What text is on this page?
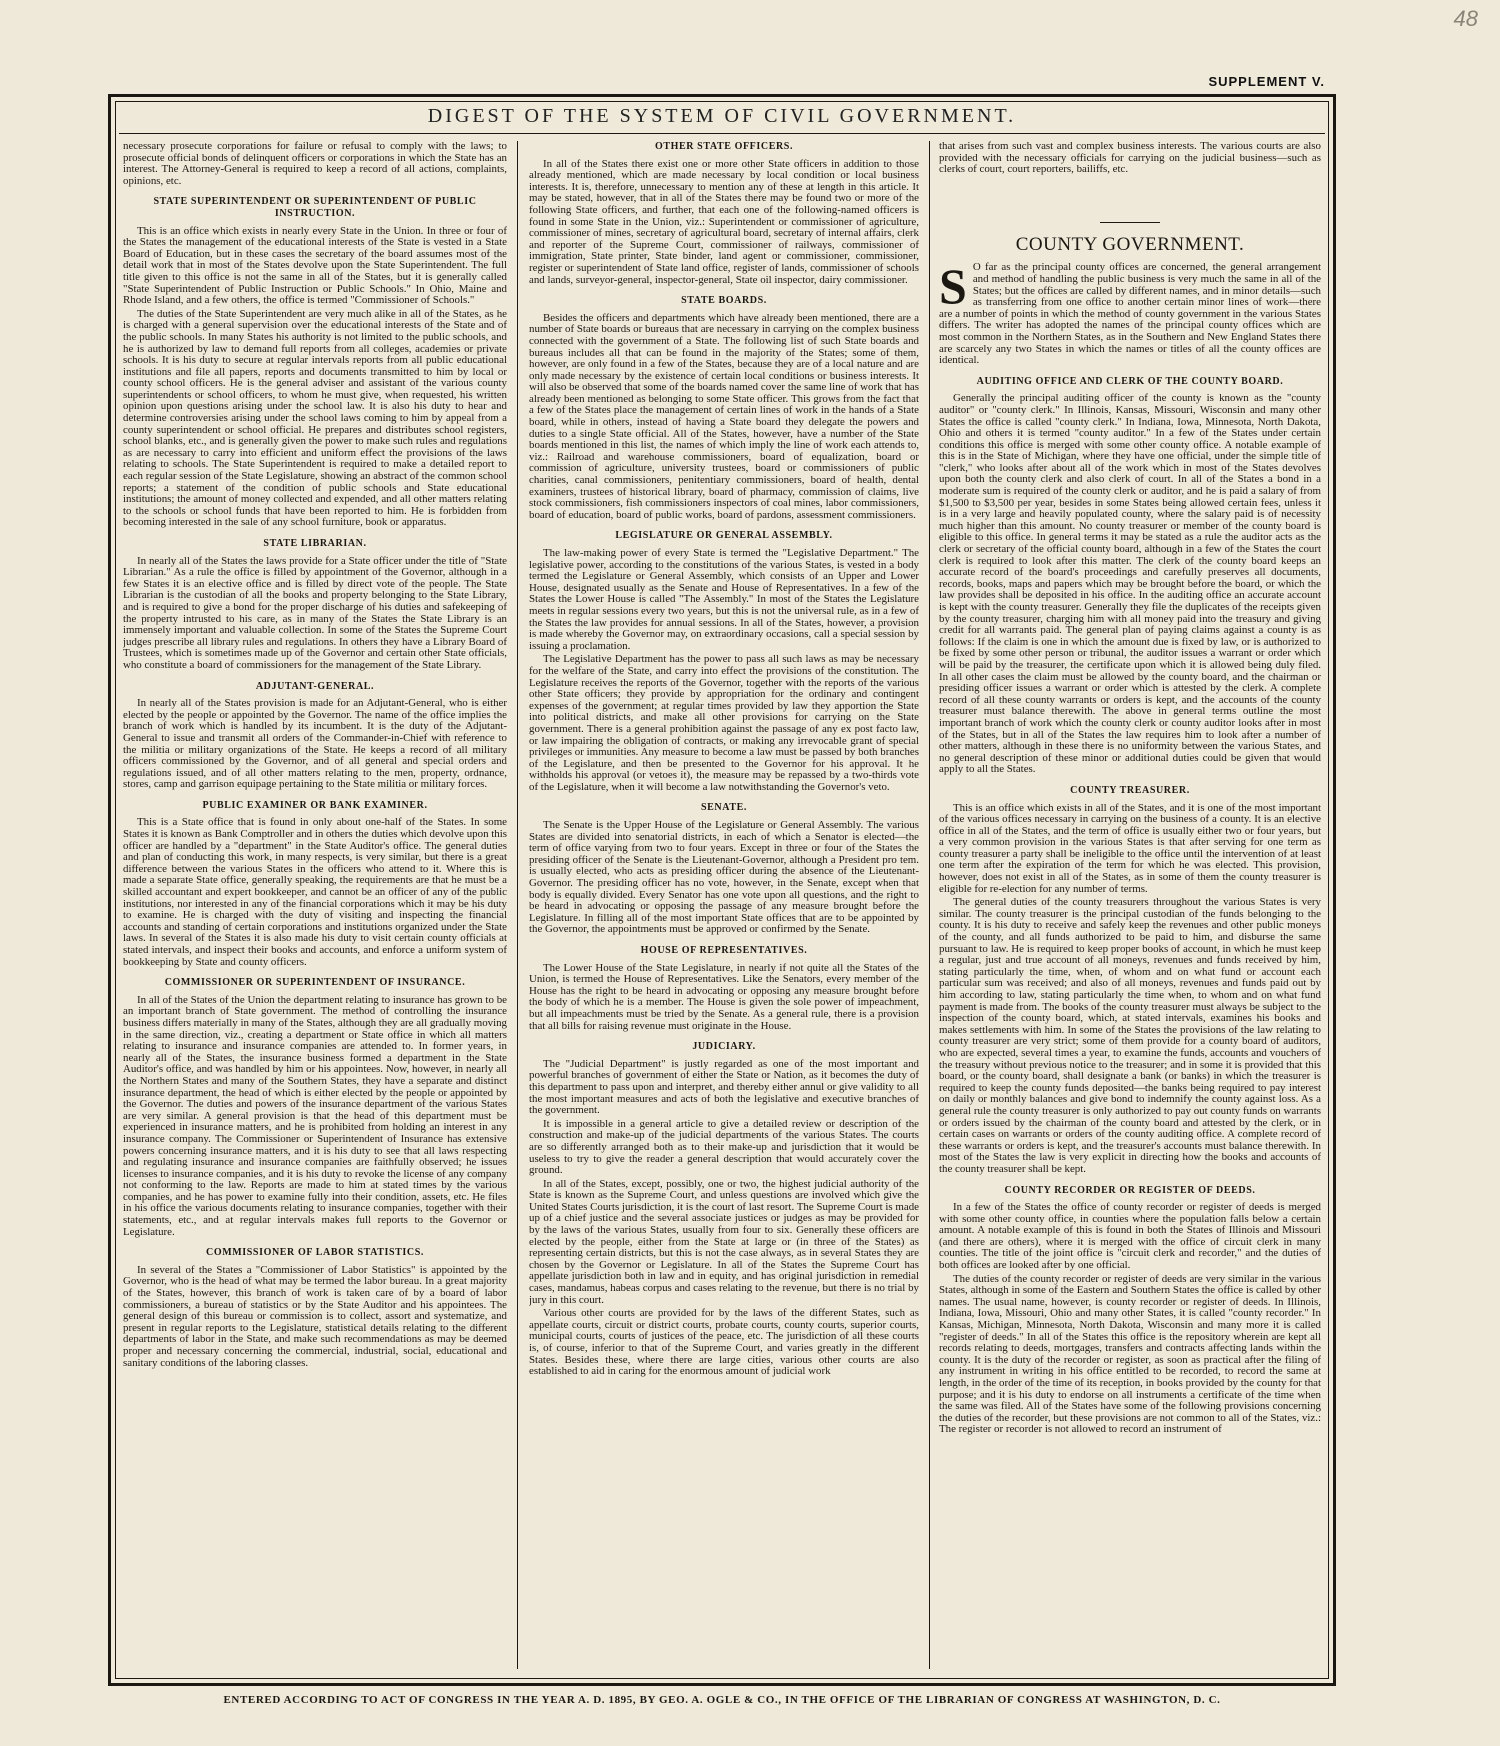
48
SUPPLEMENT V.
DIGEST OF THE SYSTEM OF CIVIL GOVERNMENT.

necessary prosecute corporations for failure or refusal to comply with the laws; to prosecute official bonds of delinquent officers or corporations in which the State has an interest. The Attorney-General is required to keep a record of all actions, complaints, opinions, etc.

STATE SUPERINTENDENT OR SUPERINTENDENT OF PUBLIC INSTRUCTION.

This is an office which exists in nearly every State in the Union. In three or four of the States the management of the educational interests of the State is vested in a State Board of Education, but in these cases the secretary of the board assumes most of the detail work that in most of the States devolve upon the State Superintendent. The full title given to this office is not the same in all of the States, but it is generally called "State Superintendent of Public Instruction or Public Schools." In Ohio, Maine and Rhode Island, and a few others, the office is termed "Commissioner of Schools."

The duties of the State Superintendent are very much alike in all of the States, as he is charged with a general supervision over the educational interests of the State and of the public schools. In many States his authority is not limited to the public schools, and he is authorized by law to demand full reports from all colleges, academies or private schools. It is his duty to secure at regular intervals reports from all public educational institutions and file all papers, reports and documents transmitted to him by local or county school officers. He is the general adviser and assistant of the various county superintendents or school officers, to whom he must give, when requested, his written opinion upon questions arising under the school law. It is also his duty to hear and determine controversies arising under the school laws coming to him by appeal from a county superintendent or school official. He prepares and distributes school registers, school blanks, etc., and is generally given the power to make such rules and regulations as are necessary to carry into efficient and uniform effect the provisions of the laws relating to schools. The State Superintendent is required to make a detailed report to each regular session of the State Legislature, showing an abstract of the common school reports; a statement of the condition of public schools and State educational institutions; the amount of money collected and expended, and all other matters relating to the schools or school funds that have been reported to him. He is forbidden from becoming interested in the sale of any school furniture, book or apparatus.

STATE LIBRARIAN.

In nearly all of the States the laws provide for a State officer under the title of "State Librarian." As a rule the office is filled by appointment of the Governor, although in a few States it is an elective office and is filled by direct vote of the people. The State Librarian is the custodian of all the books and property belonging to the State Library, and is required to give a bond for the proper discharge of his duties and safekeeping of the property intrusted to his care, as in many of the States the State Library is an immensely important and valuable collection. In some of the States the Supreme Court judges prescribe all library rules and regulations. In others they have a Library Board of Trustees, which is sometimes made up of the Governor and certain other State officials, who constitute a board of commissioners for the management of the State Library.

ADJUTANT-GENERAL.

In nearly all of the States provision is made for an Adjutant-General, who is either elected by the people or appointed by the Governor. The name of the office implies the branch of work which is handled by its incumbent. It is the duty of the Adjutant-General to issue and transmit all orders of the Commander-in-Chief with reference to the militia or military organizations of the State. He keeps a record of all military officers commissioned by the Governor, and of all general and special orders and regulations issued, and of all other matters relating to the men, property, ordnance, stores, camp and garrison equipage pertaining to the State militia or military forces.

PUBLIC EXAMINER OR BANK EXAMINER.

This is a State office that is found in only about one-half of the States. In some States it is known as Bank Comptroller and in others the duties which devolve upon this officer are handled by a "department" in the State Auditor's office. The general duties and plan of conducting this work, in many respects, is very similar, but there is a great difference between the various States in the officers who attend to it. Where this is made a separate State office, generally speaking, the requirements are that he must be a skilled accountant and expert bookkeeper, and cannot be an officer of any of the public institutions, nor interested in any of the financial corporations which it may be his duty to examine. He is charged with the duty of visiting and inspecting the financial accounts and standing of certain corporations and institutions organized under the State laws. In several of the States it is also made his duty to visit certain county officials at stated intervals, and inspect their books and accounts, and enforce a uniform system of bookkeeping by State and county officers.

COMMISSIONER OR SUPERINTENDENT OF INSURANCE.

In all of the States of the Union the department relating to insurance has grown to be an important branch of State government. The method of controlling the insurance business differs materially in many of the States, although they are all gradually moving in the same direction, viz., creating a department or State office in which all matters relating to insurance and insurance companies are attended to. In former years, in nearly all of the States, the insurance business formed a department in the State Auditor's office, and was handled by him or his appointees. Now, however, in nearly all the Northern States and many of the Southern States, they have a separate and distinct insurance department, the head of which is either elected by the people or appointed by the Governor. The duties and powers of the insurance department of the various States are very similar. A general provision is that the head of this department must be experienced in insurance matters, and he is prohibited from holding an interest in any insurance company. The Commissioner or Superintendent of Insurance has extensive powers concerning insurance matters, and it is his duty to see that all laws respecting and regulating insurance and insurance companies are faithfully observed; he issues licenses to insurance companies, and it is his duty to revoke the license of any company not conforming to the law. Reports are made to him at stated times by the various companies, and he has power to examine fully into their condition, assets, etc. He files in his office the various documents relating to insurance companies, together with their statements, etc., and at regular intervals makes full reports to the Governor or Legislature.

COMMISSIONER OF LABOR STATISTICS.

In several of the States a "Commissioner of Labor Statistics" is appointed by the Governor, who is the head of what may be termed the labor bureau. In a great majority of the States, however, this branch of work is taken care of by a board of labor commissioners, a bureau of statistics or by the State Auditor and his appointees. The general design of this bureau or commission is to collect, assort and systematize, and present in regular reports to the Legislature, statistical details relating to the different departments of labor in the State, and make such recommendations as may be deemed proper and necessary concerning the commercial, industrial, social, educational and sanitary conditions of the laboring classes.

OTHER STATE OFFICERS.

In all of the States there exist one or more other State officers in addition to those already mentioned, which are made necessary by local condition or local business interests. It is, therefore, unnecessary to mention any of these at length in this article. It may be stated, however, that in all of the States there may be found two or more of the following State officers, and further, that each one of the following-named officers is found in some State in the Union, viz.: Superintendent or commissioner of agriculture, commissioner of mines, secretary of agricultural board, secretary of internal affairs, clerk and reporter of the Supreme Court, commissioner of railways, commissioner of immigration, State printer, State binder, land agent or commissioner, commissioner, register or superintendent of State land office, register of lands, commissioner of schools and lands, surveyor-general, inspector-general, State oil inspector, dairy commissioner.

STATE BOARDS.

Besides the officers and departments which have already been mentioned, there are a number of State boards or bureaus that are necessary in carrying on the complex business connected with the government of a State. The following list of such State boards and bureaus includes all that can be found in the majority of the States; some of them, however, are only found in a few of the States, because they are of a local nature and are only made necessary by the existence of certain local conditions or business interests. It will also be observed that some of the boards named cover the same line of work that has already been mentioned as belonging to some State officer. This grows from the fact that a few of the States place the management of certain lines of work in the hands of a State board, while in others, instead of having a State board they delegate the powers and duties to a single State official. All of the States, however, have a number of the State boards mentioned in this list, the names of which imply the line of work each attends to, viz.: Railroad and warehouse commissioners, board of equalization, board or commission of agriculture, university trustees, board or commissioners of public charities, canal commissioners, penitentiary commissioners, board of health, dental examiners, trustees of historical library, board of pharmacy, commission of claims, live stock commissioners, fish commissioners inspectors of coal mines, labor commissioners, board of education, board of public works, board of pardons, assessment commissioners.

LEGISLATURE OR GENERAL ASSEMBLY.

The law-making power of every State is termed the "Legislative Department." The legislative power, according to the constitutions of the various States, is vested in a body termed the Legislature or General Assembly, which consists of an Upper and Lower House, designated usually as the Senate and House of Representatives. In a few of the States the Lower House is called "The Assembly." In most of the States the Legislature meets in regular sessions every two years, but this is not the universal rule, as in a few of the States the law provides for annual sessions. In all of the States, however, a provision is made whereby the Governor may, on extraordinary occasions, call a special session by issuing a proclamation.

The Legislative Department has the power to pass all such laws as may be necessary for the welfare of the State, and carry into effect the provisions of the constitution. The Legislature receives the reports of the Governor, together with the reports of the various other State officers; they provide by appropriation for the ordinary and contingent expenses of the government; at regular times provided by law they apportion the State into political districts, and make all other provisions for carrying on the State government. There is a general prohibition against the passage of any ex post facto law, or law impairing the obligation of contracts, or making any irrevocable grant of special privileges or immunities. Any measure to become a law must be passed by both branches of the Legislature, and then be presented to the Governor for his approval. It he withholds his approval (or vetoes it), the measure may be repassed by a two-thirds vote of the Legislature, when it will become a law notwithstanding the Governor's veto.

SENATE.

The Senate is the Upper House of the Legislature or General Assembly. The various States are divided into senatorial districts, in each of which a Senator is elected—the term of office varying from two to four years. Except in three or four of the States the presiding officer of the Senate is the Lieutenant-Governor, although a President pro tem. is usually elected, who acts as presiding officer during the absence of the Lieutenant-Governor. The presiding officer has no vote, however, in the Senate, except when that body is equally divided. Every Senator has one vote upon all questions, and the right to be heard in advocating or opposing the passage of any measure brought before the Legislature. In filling all of the most important State offices that are to be appointed by the Governor, the appointments must be approved or confirmed by the Senate.

HOUSE OF REPRESENTATIVES.

The Lower House of the State Legislature, in nearly if not quite all the States of the Union, is termed the House of Representatives. Like the Senators, every member of the House has the right to be heard in advocating or opposing any measure brought before the body of which he is a member. The House is given the sole power of impeachment, but all impeachments must be tried by the Senate. As a general rule, there is a provision that all bills for raising revenue must originate in the House.

JUDICIARY.

The "Judicial Department" is justly regarded as one of the most important and powerful branches of government of either the State or Nation, as it becomes the duty of this department to pass upon and interpret, and thereby either annul or give validity to all the most important measures and acts of both the legislative and executive branches of the government.

It is impossible in a general article to give a detailed review or description of the construction and make-up of the judicial departments of the various States. The courts are so differently arranged both as to their make-up and jurisdiction that it would be useless to try to give the reader a general description that would accurately cover the ground.

In all of the States, except, possibly, one or two, the highest judicial authority of the State is known as the Supreme Court, and unless questions are involved which give the United States Courts jurisdiction, it is the court of last resort. The Supreme Court is made up of a chief justice and the several associate justices or judges as may be provided for by the laws of the various States, usually from four to six. Generally these officers are elected by the people, either from the State at large or (in three of the States) as representing certain districts, but this is not the case always, as in several States they are chosen by the Governor or Legislature. In all of the States the Supreme Court has appellate jurisdiction both in law and in equity, and has original jurisdiction in remedial cases, mandamus, habeas corpus and cases relating to the revenue, but there is no trial by jury in this court.

Various other courts are provided for by the laws of the different States, such as appellate courts, circuit or district courts, probate courts, county courts, superior courts, municipal courts, courts of justices of the peace, etc. The jurisdiction of all these courts is, of course, inferior to that of the Supreme Court, and varies greatly in the different States. Besides these, where there are large cities, various other courts are also established to aid in caring for the enormous amount of judicial work

that arises from such vast and complex business interests. The various courts are also provided with the necessary officials for carrying on the judicial business—such as clerks of court, court reporters, bailiffs, etc.

COUNTY GOVERNMENT.

S O far as the principal county offices are concerned, the general arrangement and method of handling the public business is very much the same in all of the States; but the offices are called by different names, and in minor details—such as transferring from one office to another certain minor lines of work—there are a number of points in which the method of county government in the various States differs. The writer has adopted the names of the principal county offices which are most common in the Northern States, as in the Southern and New England States there are scarcely any two States in which the names or titles of all the county offices are identical.

AUDITING OFFICE AND CLERK OF THE COUNTY BOARD.

Generally the principal auditing officer of the county is known as the "county auditor" or "county clerk." In Illinois, Kansas, Missouri, Wisconsin and many other States the office is called "county clerk." In Indiana, Iowa, Minnesota, North Dakota, Ohio and others it is termed "county auditor." In a few of the States under certain conditions this office is merged with some other county office. A notable example of this is in the State of Michigan, where they have one official, under the simple title of "clerk," who looks after about all of the work which in most of the States devolves upon both the county clerk and also clerk of court. In all of the States a bond in a moderate sum is required of the county clerk or auditor, and he is paid a salary of from $1,500 to $3,500 per year, besides in some States being allowed certain fees, unless it is in a very large and heavily populated county, where the salary paid is of necessity much higher than this amount. No county treasurer or member of the county board is eligible to this office. In general terms it may be stated as a rule the auditor acts as the clerk or secretary of the official county board, although in a few of the States the court clerk is required to look after this matter. The clerk of the county board keeps an accurate record of the board's proceedings and carefully preserves all documents, records, books, maps and papers which may be brought before the board, or which the law provides shall be deposited in his office. In the auditing office an accurate account is kept with the county treasurer. Generally they file the duplicates of the receipts given by the county treasurer, charging him with all money paid into the treasury and giving credit for all warrants paid. The general plan of paying claims against a county is as follows: If the claim is one in which the amount due is fixed by law, or is authorized to be fixed by some other person or tribunal, the auditor issues a warrant or order which will be paid by the treasurer, the certificate upon which it is allowed being duly filed. In all other cases the claim must be allowed by the county board, and the chairman or presiding officer issues a warrant or order which is attested by the clerk. A complete record of all these county warrants or orders is kept, and the accounts of the county treasurer must balance therewith. The above in general terms outline the most important branch of work which the county clerk or county auditor looks after in most of the States, but in all of the States the law requires him to look after a number of other matters, although in these there is no uniformity between the various States, and no general description of these minor or additional duties could be given that would apply to all the States.

COUNTY TREASURER.

This is an office which exists in all of the States, and it is one of the most important of the various offices necessary in carrying on the business of a county. It is an elective office in all of the States, and the term of office is usually either two or four years, but a very common provision in the various States is that after serving for one term as county treasurer a party shall be ineligible to the office until the intervention of at least one term after the expiration of the term for which he was elected. This provision, however, does not exist in all of the States, as in some of them the county treasurer is eligible for re-election for any number of terms.

The general duties of the county treasurers throughout the various States is very similar. The county treasurer is the principal custodian of the funds belonging to the county. It is his duty to receive and safely keep the revenues and other public moneys of the county, and all funds authorized to be paid to him, and disburse the same pursuant to law. He is required to keep proper books of account, in which he must keep a regular, just and true account of all moneys, revenues and funds received by him, stating particularly the time, when, of whom and on what fund or account each particular sum was received; and also of all moneys, revenues and funds paid out by him according to law, stating particularly the time when, to whom and on what fund payment is made from. The books of the county treasurer must always be subject to the inspection of the county board, which, at stated intervals, examines his books and makes settlements with him. In some of the States the provisions of the law relating to county treasurer are very strict; some of them provide for a county board of auditors, who are expected, several times a year, to examine the funds, accounts and vouchers of the treasury without previous notice to the treasurer; and in some it is provided that this board, or the county board, shall designate a bank (or banks) in which the treasurer is required to keep the county funds deposited—the banks being required to pay interest on daily or monthly balances and give bond to indemnify the county against loss. As a general rule the county treasurer is only authorized to pay out county funds on warrants or orders issued by the chairman of the county board and attested by the clerk, or in certain cases on warrants or orders of the county auditing office. A complete record of these warrants or orders is kept, and the treasurer's accounts must balance therewith. In most of the States the law is very explicit in directing how the books and accounts of the county treasurer shall be kept.

COUNTY RECORDER OR REGISTER OF DEEDS.

In a few of the States the office of county recorder or register of deeds is merged with some other county office, in counties where the population falls below a certain amount. A notable example of this is found in both the States of Illinois and Missouri (and there are others), where it is merged with the office of circuit clerk in many counties. The title of the joint office is "circuit clerk and recorder," and the duties of both offices are looked after by one official.

The duties of the county recorder or register of deeds are very similar in the various States, although in some of the Eastern and Southern States the office is called by other names. The usual name, however, is county recorder or register of deeds. In Illinois, Indiana, Iowa, Missouri, Ohio and many other States, it is called "county recorder." In Kansas, Michigan, Minnesota, North Dakota, Wisconsin and many more it is called "register of deeds." In all of the States this office is the repository wherein are kept all records relating to deeds, mortgages, transfers and contracts affecting lands within the county. It is the duty of the recorder or register, as soon as practical after the filing of any instrument in writing in his office entitled to be recorded, to record the same at length, in the order of the time of its reception, in books provided by the county for that purpose; and it is his duty to endorse on all instruments a certificate of the time when the same was filed. All of the States have some of the following provisions concerning the duties of the recorder, but these provisions are not common to all of the States, viz.: The register or recorder is not allowed to record an instrument of

ENTERED ACCORDING TO ACT OF CONGRESS IN THE YEAR A. D. 1895, BY GEO. A. OGLE & CO., IN THE OFFICE OF THE LIBRARIAN OF CONGRESS AT WASHINGTON, D. C.
